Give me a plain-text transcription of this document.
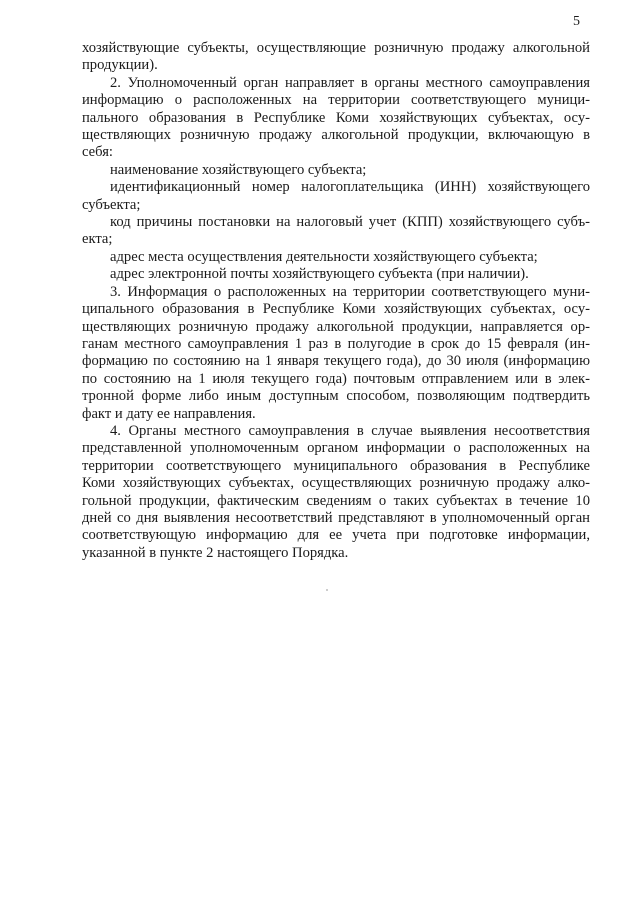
5
хозяйствующие субъекты, осуществляющие розничную продажу алкогольной
продукции).
2. Уполномоченный орган направляет в органы местного самоуправления
информацию о расположенных на территории соответствующего муници-
пального образования в Республике Коми хозяйствующих субъектах, осу-
ществляющих розничную продажу алкогольной продукции, включающую в
себя:
наименование хозяйствующего субъекта;
идентификационный номер налогоплательщика (ИНН) хозяйствующего
субъекта;
код причины постановки на налоговый учет (КПП) хозяйствующего субъ-
екта;
адрес места осуществления деятельности хозяйствующего субъекта;
адрес электронной почты хозяйствующего субъекта (при наличии).
3. Информация о расположенных на территории соответствующего муни-
ципального образования в Республике Коми хозяйствующих субъектах, осу-
ществляющих розничную продажу алкогольной продукции, направляется ор-
ганам местного самоуправления 1 раз в полугодие в срок до 15 февраля (ин-
формацию по состоянию на 1 января текущего года), до 30 июля (информацию
по состоянию на 1 июля текущего года) почтовым отправлением или в элек-
тронной форме либо иным доступным способом, позволяющим подтвердить
факт и дату ее направления.
4. Органы местного самоуправления в случае выявления несоответствия
представленной уполномоченным органом информации о расположенных на
территории соответствующего муниципального образования в Республике
Коми хозяйствующих субъектах, осуществляющих розничную продажу алко-
гольной продукции, фактическим сведениям о таких субъектах в течение 10
дней со дня выявления несоответствий представляют в уполномоченный орган
соответствующую информацию для ее учета при подготовке информации,
указанной в пункте 2 настоящего Порядка.
